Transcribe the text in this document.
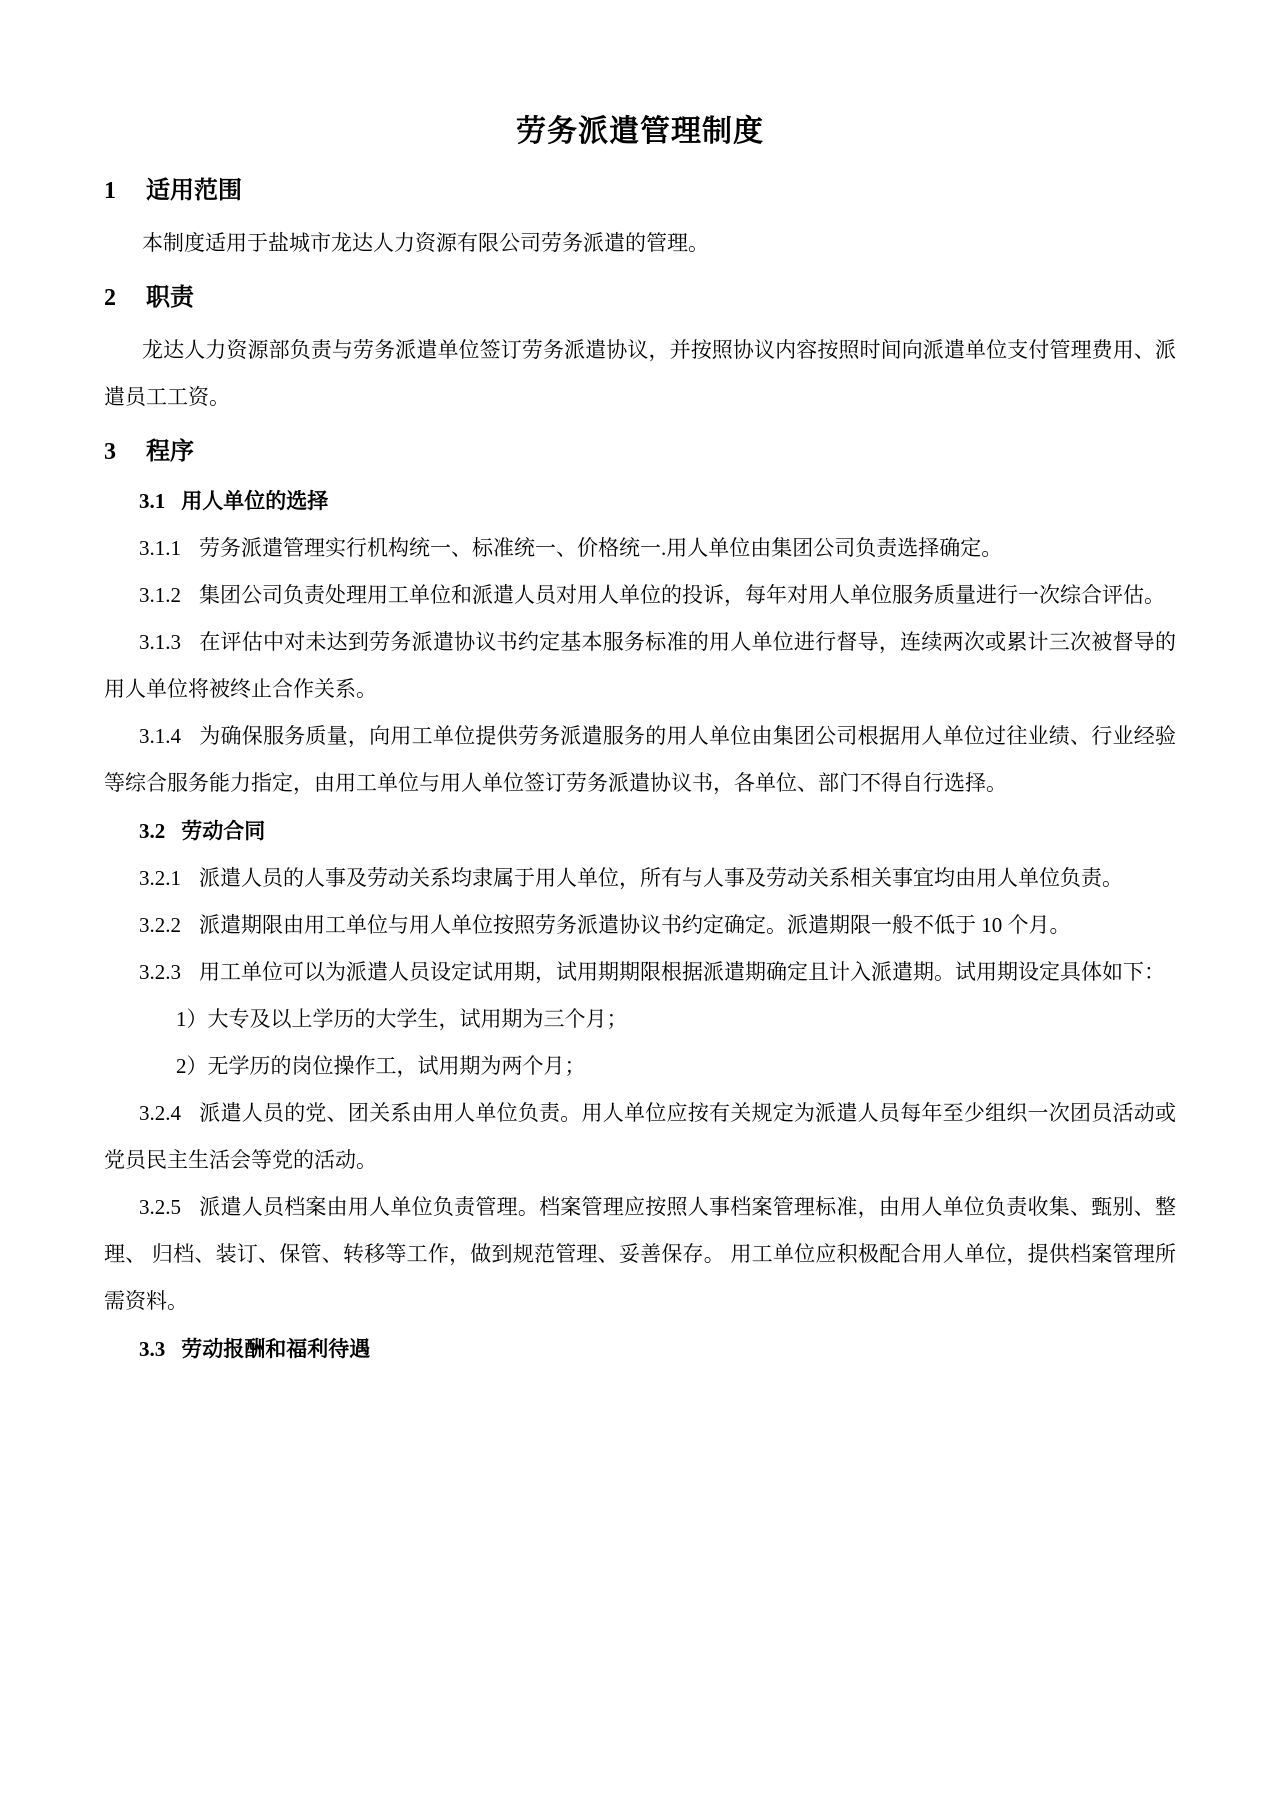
劳务派遣管理制度
1 适用范围

本制度适用于盐城市龙达人力资源有限公司劳务派遣的管理。

2 职责

龙达人力资源部负责与劳务派遣单位签订劳务派遣协议，并按照协议内容按照时间向派遣单位支付管理费用、派遣员工工资。

3 程序
3.1 用人单位的选择

3.1.1 劳务派遣管理实行机构统一、标准统一、价格统一.用人单位由集团公司负责选择确定。

3.1.2 集团公司负责处理用工单位和派遣人员对用人单位的投诉，每年对用人单位服务质量进行一次综合评估。

3.1.3 在评估中对未达到劳务派遣协议书约定基本服务标准的用人单位进行督导，连续两次或累计三次被督导的用人单位将被终止合作关系。

3.1.4 为确保服务质量，向用工单位提供劳务派遣服务的用人单位由集团公司根据用人单位过往业绩、行业经验等综合服务能力指定，由用工单位与用人单位签订劳务派遣协议书，各单位、部门不得自行选择。

3.2 劳动合同

3.2.1 派遣人员的人事及劳动关系均隶属于用人单位，所有与人事及劳动关系相关事宜均由用人单位负责。

3.2.2 派遣期限由用工单位与用人单位按照劳务派遣协议书约定确定。派遣期限一般不低于 10 个月。

3.2.3 用工单位可以为派遣人员设定试用期，试用期期限根据派遣期确定且计入派遣期。试用期设定具体如下：

1）大专及以上学历的大学生，试用期为三个月；

2）无学历的岗位操作工，试用期为两个月；

3.2.4 派遣人员的党、团关系由用人单位负责。用人单位应按有关规定为派遣人员每年至少组织一次团员活动或党员民主生活会等党的活动。

3.2.5 派遣人员档案由用人单位负责管理。档案管理应按照人事档案管理标准，由用人单位负责收集、甄别、整理、 归档、装订、保管、转移等工作，做到规范管理、妥善保存。 用工单位应积极配合用人单位，提供档案管理所需资料。

3.3 劳动报酬和福利待遇
